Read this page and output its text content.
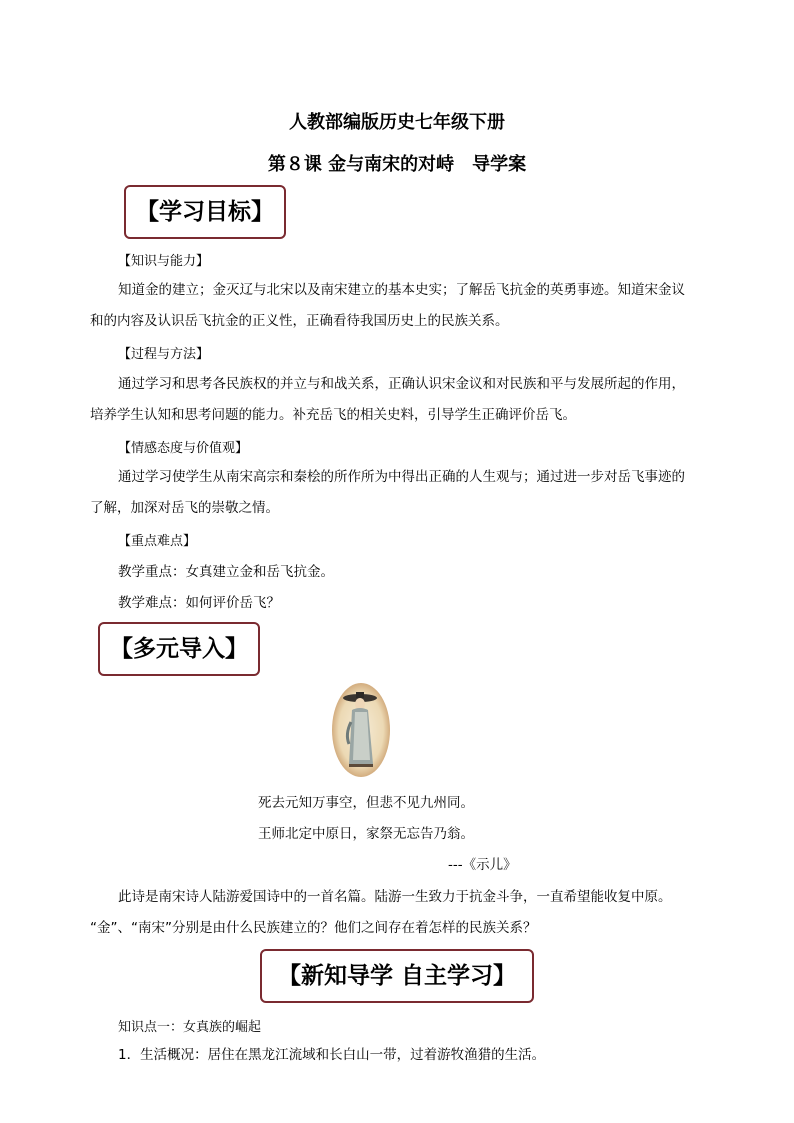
人教部编版历史七年级下册
第８课 金与南宋的对峙　导学案
【学习目标】
【知识与能力】
知道金的建立；金灭辽与北宋以及南宋建立的基本史实；了解岳飞抗金的英勇事迹。知道宋金议
和的内容及认识岳飞抗金的正义性，正确看待我国历史上的民族关系。
【过程与方法】
通过学习和思考各民族权的并立与和战关系，正确认识宋金议和对民族和平与发展所起的作用，
培养学生认知和思考问题的能力。补充岳飞的相关史料，引导学生正确评价岳飞。
【情感态度与价值观】
通过学习使学生从南宋高宗和秦桧的所作所为中得出正确的人生观与；通过进一步对岳飞事迹的
了解，加深对岳飞的崇敬之情。
【重点难点】
教学重点：女真建立金和岳飞抗金。
教学难点：如何评价岳飞？
【多元导入】
死去元知万事空，但悲不见九州同。
王师北定中原日，家祭无忘告乃翁。
---《示儿》
此诗是南宋诗人陆游爱国诗中的一首名篇。陆游一生致力于抗金斗争，一直希望能收复中原。
“金”、“南宋”分别是由什么民族建立的？他们之间存在着怎样的民族关系？
【新知导学 自主学习】
知识点一：女真族的崛起
1．生活概况：居住在黑龙江流域和长白山一带，过着游牧渔猎的生活。
